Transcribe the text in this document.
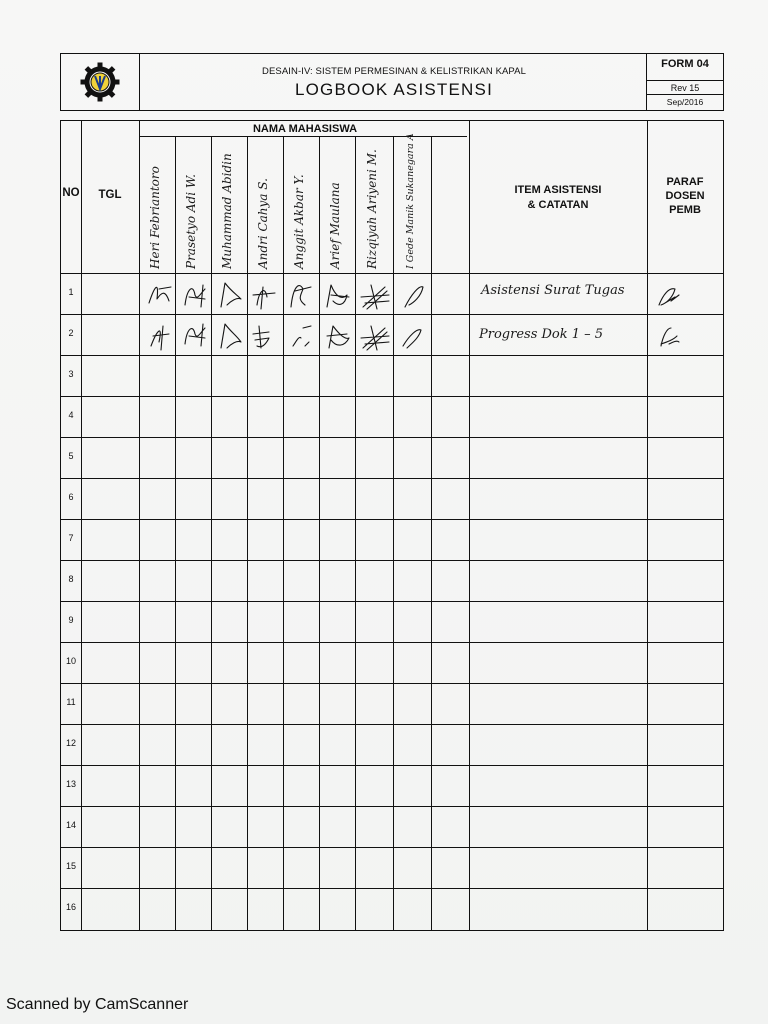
DESAIN-IV: SISTEM PERMESINAN & KELISTRIKAN KAPAL
LOGBOOK ASISTENSI
FORM 04
Rev 15
Sep/2016
NO	TGL
NAMA MAHASISWA
ITEM ASISTENSI
& CATATAN
PARAF
DOSEN
PEMB
Heri Febriantoro Prasetyo Adi W. Muhammad Abidin Andri Cahya S. Anggit Akbar Y. Arief Maulana Rizqiyah Ariyeni M.	I Gede Manik Sukanegara A
1
2
3
4
5
6
7
8
9
10
11
12
13
14
15
16
Asistensi Surat Tugas
Progress Dok 1 – 5
Scanned by CamScanner
